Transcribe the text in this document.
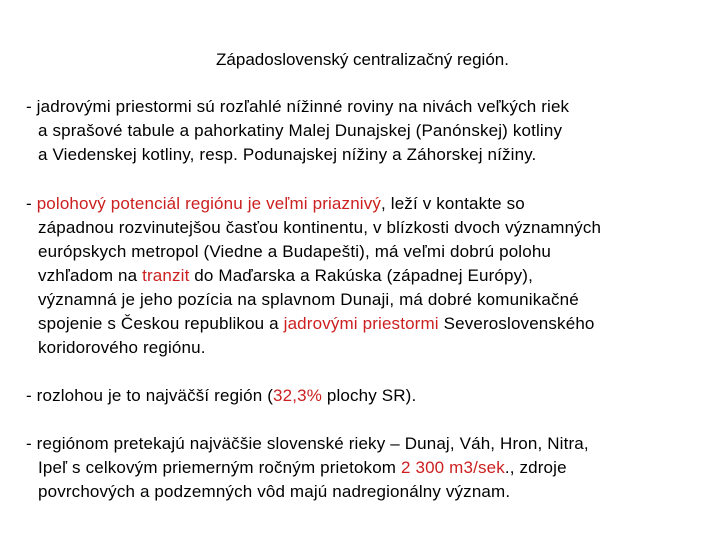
Západoslovenský centralizačný región.
- jadrovými priestormi sú rozľahlé nížinné roviny na nivách veľkých riek
a sprašové tabule a pahorkatiny Malej Dunajskej (Panónskej) kotliny
a Viedenskej kotliny, resp. Podunajskej nížiny a Záhorskej nížiny.
- polohový potenciál regiónu je veľmi priaznivý, leží v kontakte so
západnou rozvinutejšou časťou kontinentu, v blízkosti dvoch významných
európskych metropol (Viedne a Budapešti), má veľmi dobrú polohu
vzhľadom na tranzit do Maďarska a Rakúska (západnej Európy),
významná je jeho pozícia na splavnom Dunaji, má dobré komunikačné
spojenie s Českou republikou a jadrovými priestormi Severoslovenského
koridorového regiónu.
- rozlohou je to najväčší región (32,3% plochy SR).
- regiónom pretekajú najväčšie slovenské rieky – Dunaj, Váh, Hron, Nitra,
Ipeľ s celkovým priemerným ročným prietokom 2 300 m3/sek., zdroje
povrchových a podzemných vôd majú nadregionálny význam.
